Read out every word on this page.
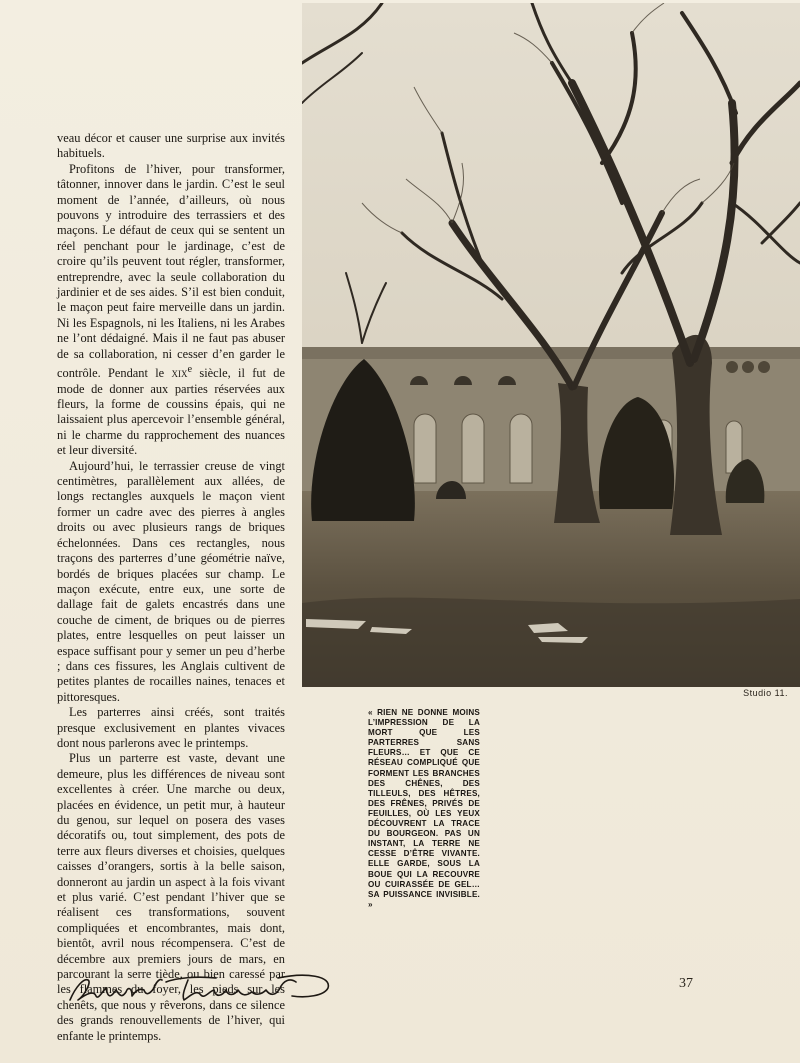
veau décor et causer une surprise aux invités habituels.

Profitons de l’hiver, pour transformer, tâtonner, innover dans le jardin. C’est le seul moment de l’année, d’ailleurs, où nous pouvons y introduire des terrassiers et des maçons. Le défaut de ceux qui se sentent un réel penchant pour le jardinage, c’est de croire qu’ils peuvent tout régler, transformer, entreprendre, avec la seule collaboration du jardinier et de ses aides. S’il est bien conduit, le maçon peut faire merveille dans un jardin. Ni les Espagnols, ni les Italiens, ni les Arabes ne l’ont dédaigné. Mais il ne faut pas abuser de sa collaboration, ni cesser d’en garder le contrôle. Pendant le xix$^e$ siècle, il fut de mode de donner aux parties réservées aux fleurs, la forme de coussins épais, qui ne laissaient plus apercevoir l’ensemble général, ni le charme du rapprochement des nuances et leur diversité.

Aujourd’hui, le terrassier creuse de vingt centimètres, parallèlement aux allées, de longs rectangles auxquels le maçon vient former un cadre avec des pierres à angles droits ou avec plusieurs rangs de briques échelonnées. Dans ces rectangles, nous traçons des parterres d’une géométrie naïve, bordés de briques placées sur champ. Le maçon exécute, entre eux, une sorte de dallage fait de galets encastrés dans une couche de ciment, de briques ou de pierres plates, entre lesquelles on peut laisser un espace suffisant pour y semer un peu d’herbe ; dans ces fissures, les Anglais cultivent de petites plantes de rocailles naines, tenaces et pittoresques.

Les parterres ainsi créés, sont traités presque exclusivement en plantes vivaces dont nous parlerons avec le printemps.

Plus un parterre est vaste, devant une demeure, plus les différences de niveau sont excellentes à créer. Une marche ou deux, placées en évidence, un petit mur, à hauteur du genou, sur lequel on posera des vases décoratifs ou, tout simplement, des pots de terre aux fleurs diverses et choisies, quelques caisses d’orangers, sortis à la belle saison, donneront au jardin un aspect à la fois vivant et plus varié. C’est pendant l’hiver que se réalisent ces transformations, souvent compliquées et encombrantes, mais dont, bientôt, avril nous récompensera. C’est de décembre aux premiers jours de mars, en parcourant la serre tiède, ou bien caressé par les flammes du foyer, les pieds sur les chenêts, que nous y rêverons, dans ce silence des grands renouvellements de l’hiver, qui enfante le printemps.

Studio 11.
« RIEN NE DONNE MOINS L’IMPRESSION DE LA MORT QUE LES PARTERRES SANS FLEURS… ET QUE CE RÉSEAU COMPLIQUÉ QUE FORMENT LES BRANCHES DES CHÊNES, DES TILLEULS, DES HÊTRES, DES FRÊNES, PRIVÉS DE FEUILLES, OÙ LES YEUX DÉCOUVRENT LA TRACE DU BOURGEON. PAS UN INSTANT, LA TERRE NE CESSE D’ÊTRE VIVANTE. ELLE GARDE, SOUS LA BOUE QUI LA RECOUVRE OU CUIRASSÉE DE GEL… SA PUISSANCE INVISIBLE. »
37
